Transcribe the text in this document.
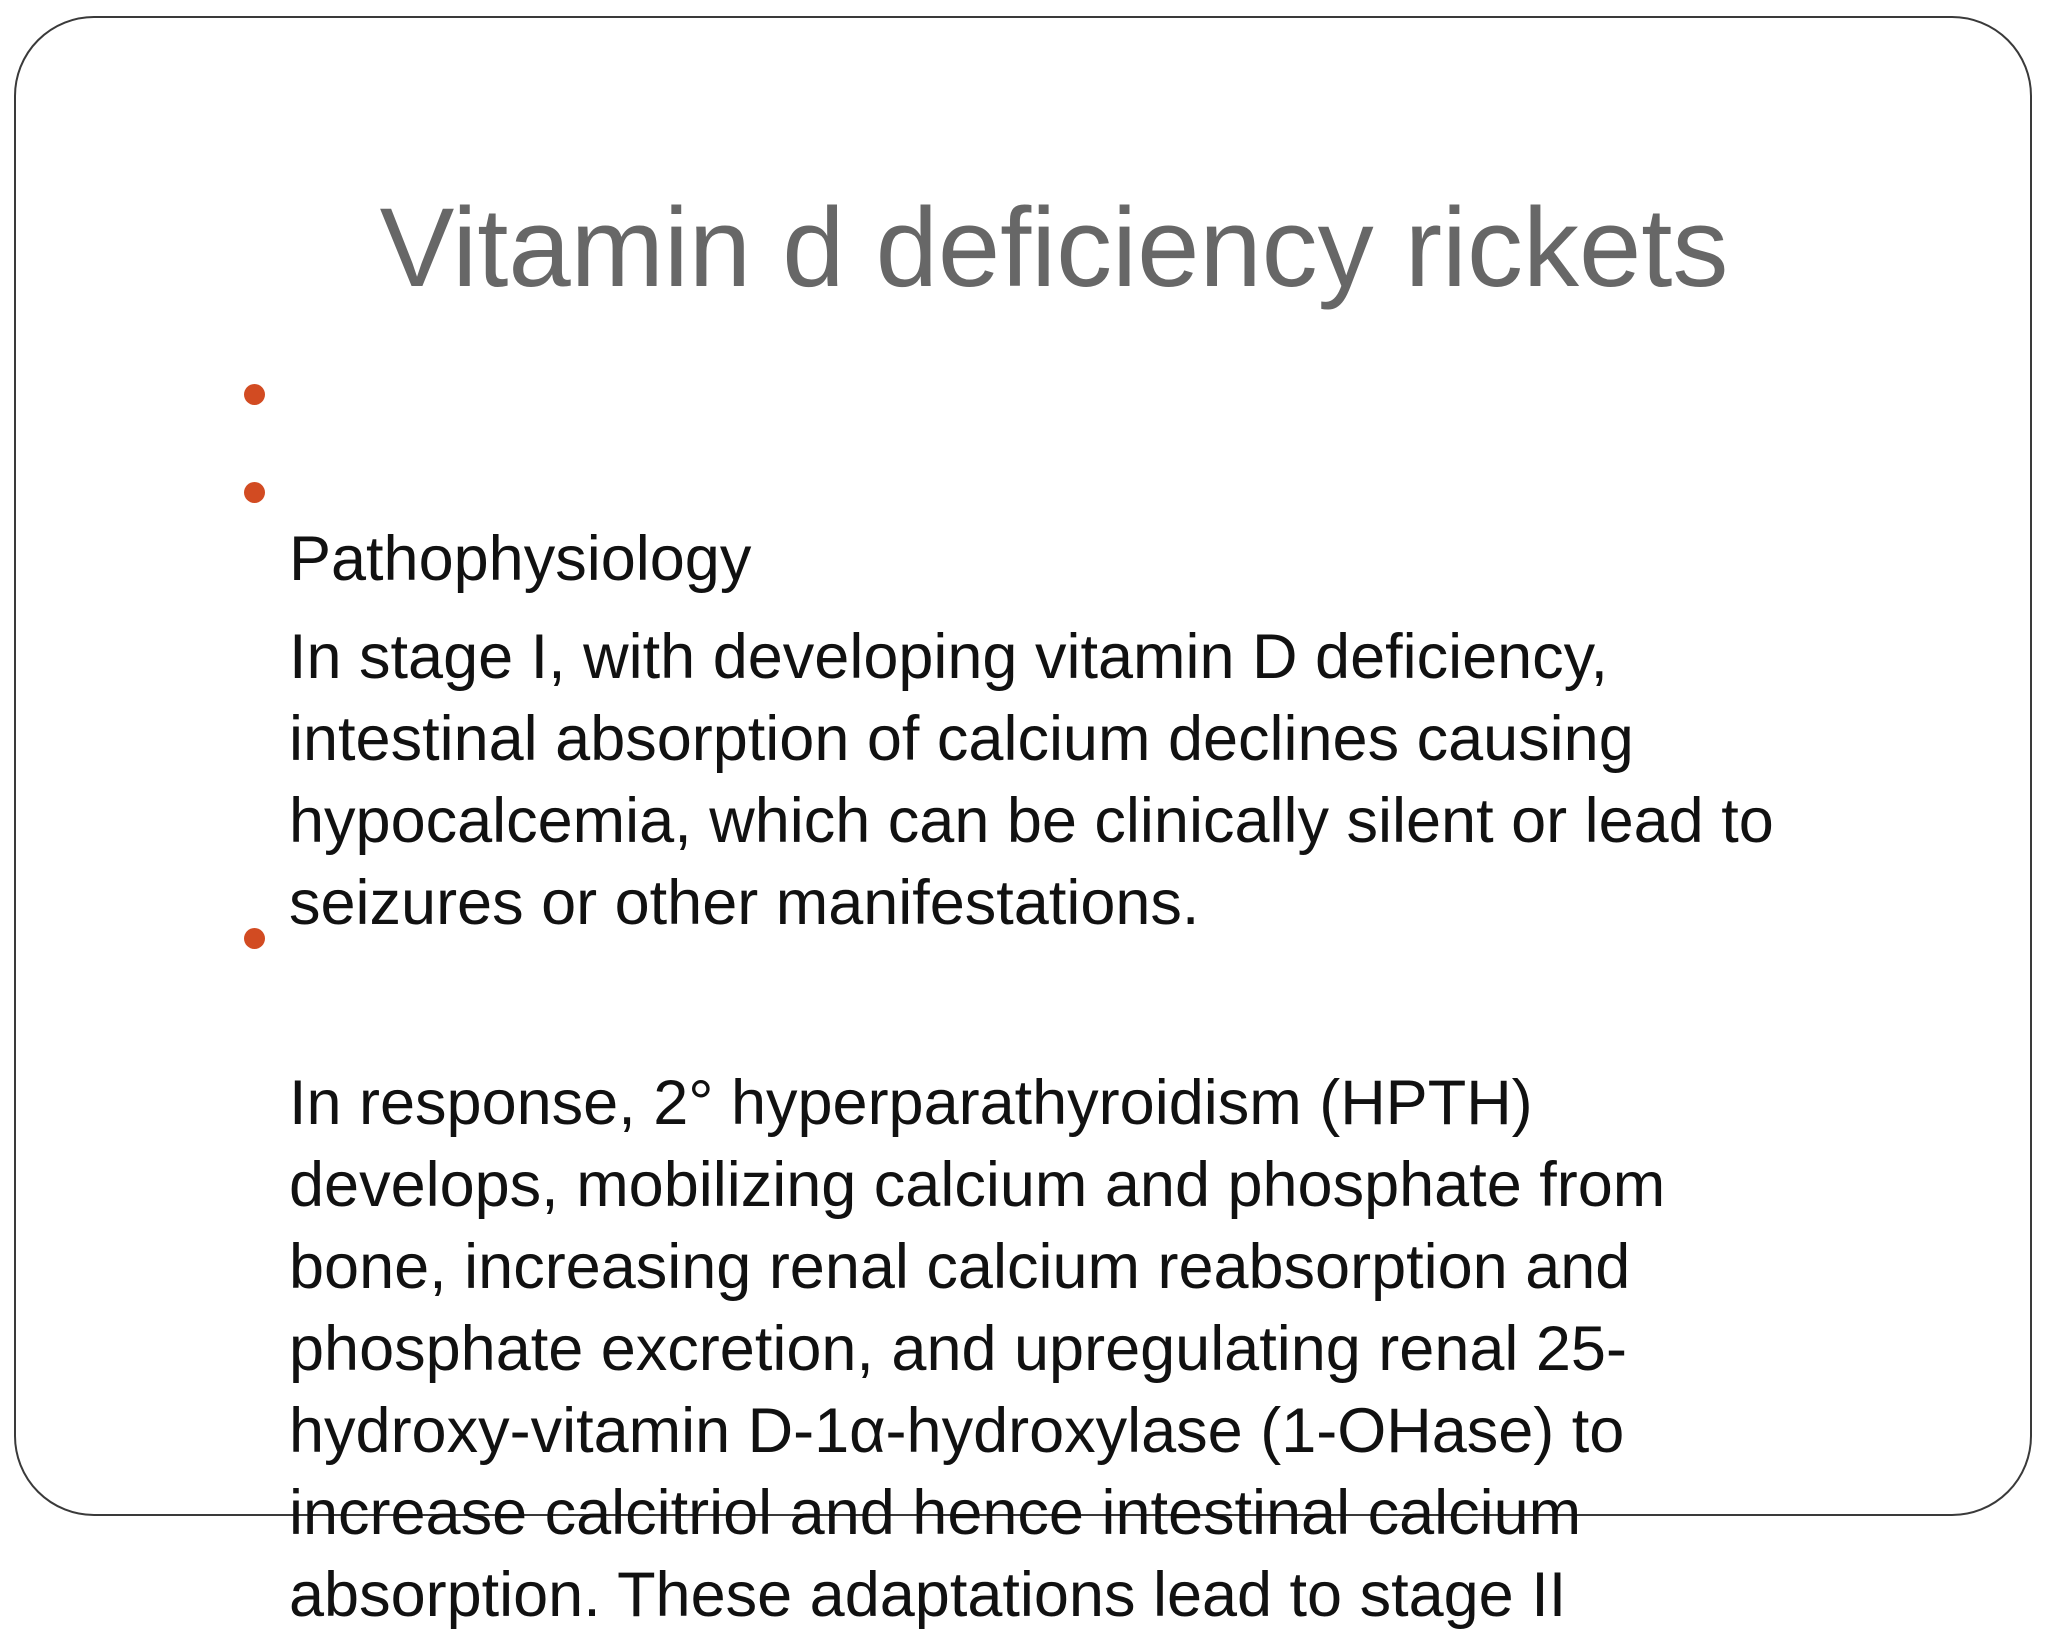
Vitamin d deficiency rickets

Pathophysiology

In stage I, with developing vitamin D deficiency,
intestinal absorption of calcium declines causing
hypocalcemia, which can be clinically silent or lead to
seizures or other manifestations.

In response, 2° hyperparathyroidism (HPTH)
develops, mobilizing calcium and phosphate from
bone, increasing renal calcium reabsorption and
phosphate excretion, and upregulating renal 25-
hydroxy-vitamin D-1α-hydroxylase (1-OHase) to
increase calcitriol and hence intestinal calcium
absorption. These adaptations lead to stage II
